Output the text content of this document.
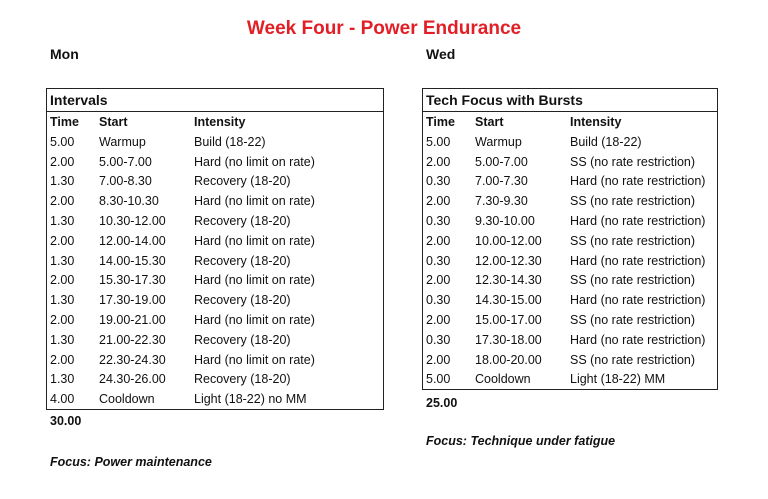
Week Four - Power Endurance
Mon
Intervals
Time	Start	Intensity
5.00	Warmup	Build (18-22)
2.00	5.00-7.00	Hard (no limit on rate)
1.30	7.00-8.30	Recovery (18-20)
2.00	8.30-10.30	Hard (no limit on rate)
1.30	10.30-12.00	Recovery (18-20)
2.00	12.00-14.00	Hard (no limit on rate)
1.30	14.00-15.30	Recovery (18-20)
2.00	15.30-17.30	Hard (no limit on rate)
1.30	17.30-19.00	Recovery (18-20)
2.00	19.00-21.00	Hard (no limit on rate)
1.30	21.00-22.30	Recovery (18-20)
2.00	22.30-24.30	Hard (no limit on rate)
1.30	24.30-26.00	Recovery (18-20)
4.00	Cooldown	Light (18-22) no MM
30.00
Focus: Power maintenance
Wed
Tech Focus with Bursts
Time	Start	Intensity
5.00	Warmup	Build (18-22)
2.00	5.00-7.00	SS (no rate restriction)
0.30	7.00-7.30	Hard (no rate restriction)
2.00	7.30-9.30	SS (no rate restriction)
0.30	9.30-10.00	Hard (no rate restriction)
2.00	10.00-12.00	SS (no rate restriction)
0.30	12.00-12.30	Hard (no rate restriction)
2.00	12.30-14.30	SS (no rate restriction)
0.30	14.30-15.00	Hard (no rate restriction)
2.00	15.00-17.00	SS (no rate restriction)
0.30	17.30-18.00	Hard (no rate restriction)
2.00	18.00-20.00	SS (no rate restriction)
5.00	Cooldown	Light (18-22) MM
25.00
Focus: Technique under fatigue
